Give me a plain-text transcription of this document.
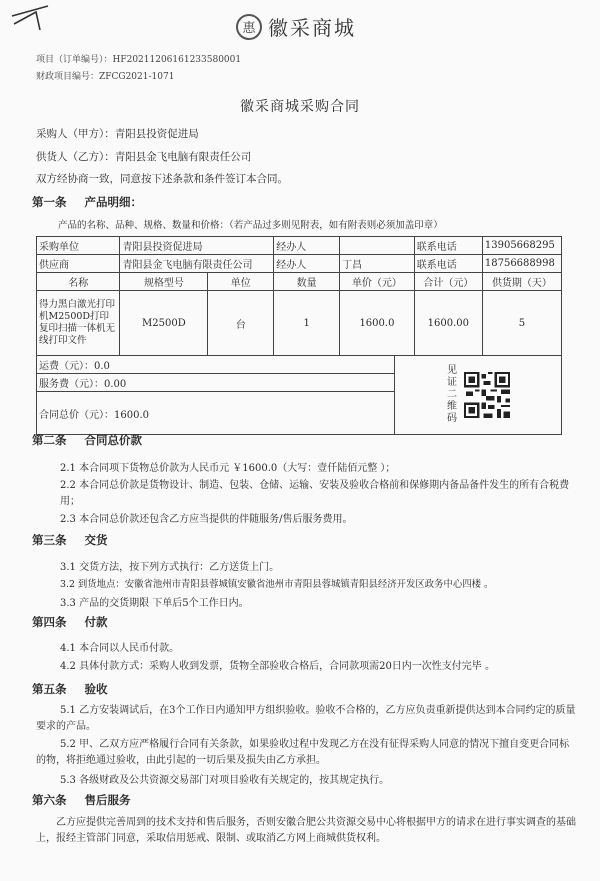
惠 徽采商城
项目（订单编号）：HF20211206161233580001
财政项目编号：ZFCG2021-1071
徽采商城采购合同
采购人（甲方）：青阳县投资促进局
供货人（乙方）：青阳县金飞电脑有限责任公司
双方经协商一致，同意按下述条款和条件签订本合同。
第一条 产品明细：
产品的名称、品种、规格、数量和价格：（若产品过多则见附表，如有附表则必须加盖印章）
采购单位	青阳县投资促进局		经办人			联系电话	13905668295
供应商	青阳县金飞电脑有限责任公司		经办人	丁昌		联系电话	18756688998
名称	规格型号	单位	数量	单价（元）		合计（元）	供货期（天）
得力黑白激光打印机M2500D打印复印扫描一体机无线打印文件	M2500D	台	1	1600.0		1600.00	5
运费（元）：0.0					见证二维码		

服务费（元）：0.00							
合同总价（元）：1600.0							
第二条 合同总价款
2.1 本合同项下货物总价款为人民币元 ￥1600.0（大写：壹仟陆佰元整 ）；
2.2 本合同总价款是货物设计、制造、包装、仓储、运输、安装及验收合格前和保修期内备品备件发生的所有合税费用；
2.3 本合同总价款还包含乙方应当提供的伴随服务/售后服务费用。
第三条 交货
3.1 交货方法，按下列方式执行：乙方送货上门。
3.2 到货地点：安徽省池州市青阳县蓉城镇安徽省池州市青阳县蓉城镇青阳县经济开发区政务中心四楼 。
3.3 产品的交货期限 下单后5个工作日内。
第四条 付款
4.1 本合同以人民币付款。
4.2 具体付款方式：采购人收到发票，货物全部验收合格后，合同款项需20日内一次性支付完毕 。
第五条 验收
5.1 乙方安装调试后，在3个工作日内通知甲方组织验收。验收不合格的，乙方应负责重新提供达到本合同约定的质量要求的产品。
5.2 甲、乙双方应严格履行合同有关条款，如果验收过程中发现乙方在没有征得采购人同意的情况下擅自变更合同标的物，将拒绝通过验收，由此引起的一切后果及损失由乙方承担。
5.3 各级财政及公共资源交易部门对项目验收有关规定的，按其规定执行。
第六条 售后服务
乙方应提供完善周到的技术支持和售后服务，否则安徽合肥公共资源交易中心将根据甲方的请求在进行事实调查的基础上，报经主管部门同意，采取信用惩戒、限制、或取消乙方网上商城供货权利。
